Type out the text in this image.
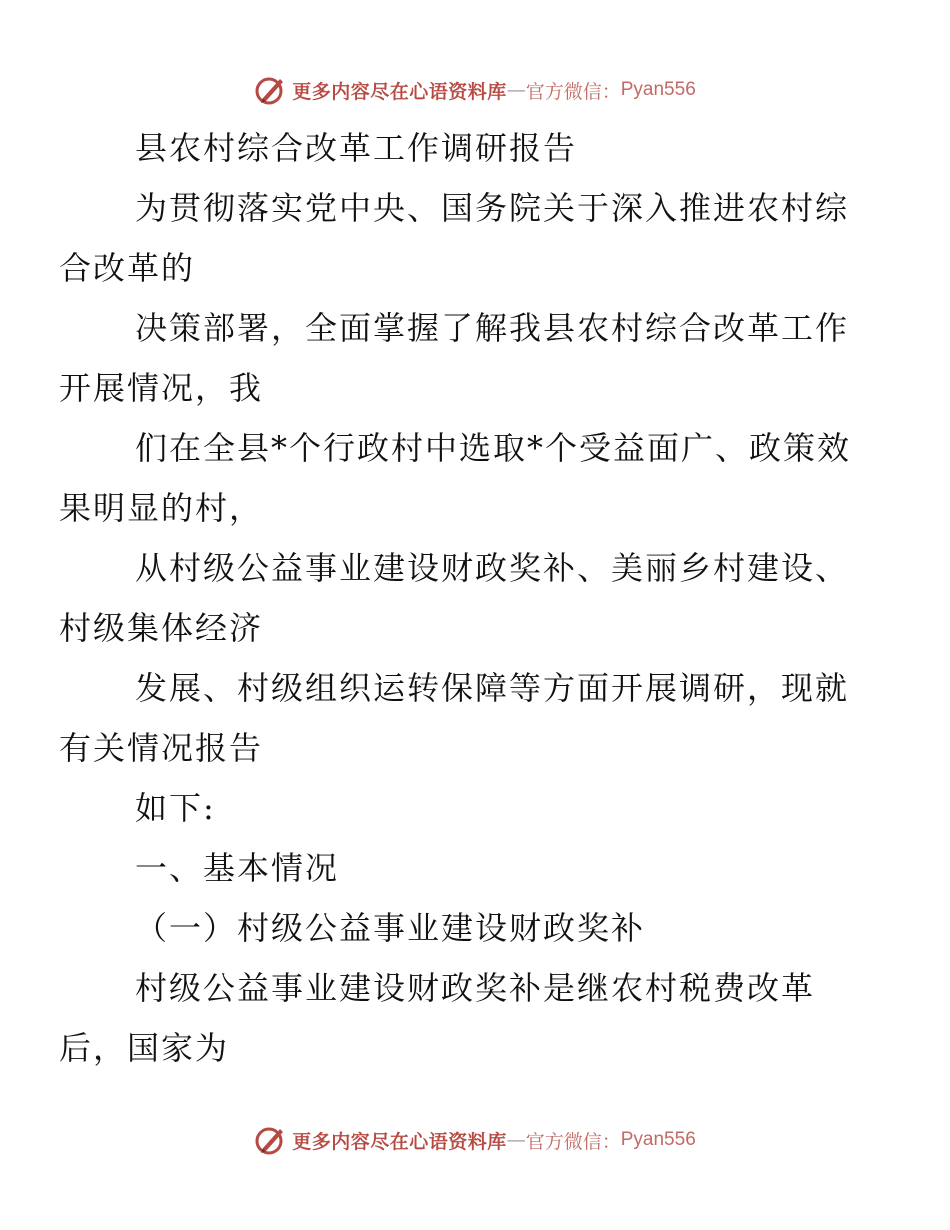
更多内容尽在心语资料库 — 官方微信： Pyan556

县农村综合改革工作调研报告

为贯彻落实党中央、国务院关于深入推进农村综
合改革的

决策部署，全面掌握了解我县农村综合改革工作
开展情况，我

们在全县*个行政村中选取*个受益面广、政策效
果明显的村，

从村级公益事业建设财政奖补、美丽乡村建设、
村级集体经济

发展、村级组织运转保障等方面开展调研，现就
有关情况报告

如下:

一、基本情况

（一）村级公益事业建设财政奖补

村级公益事业建设财政奖补是继农村税费改革
后，国家为

更多内容尽在心语资料库 — 官方微信： Pyan556
